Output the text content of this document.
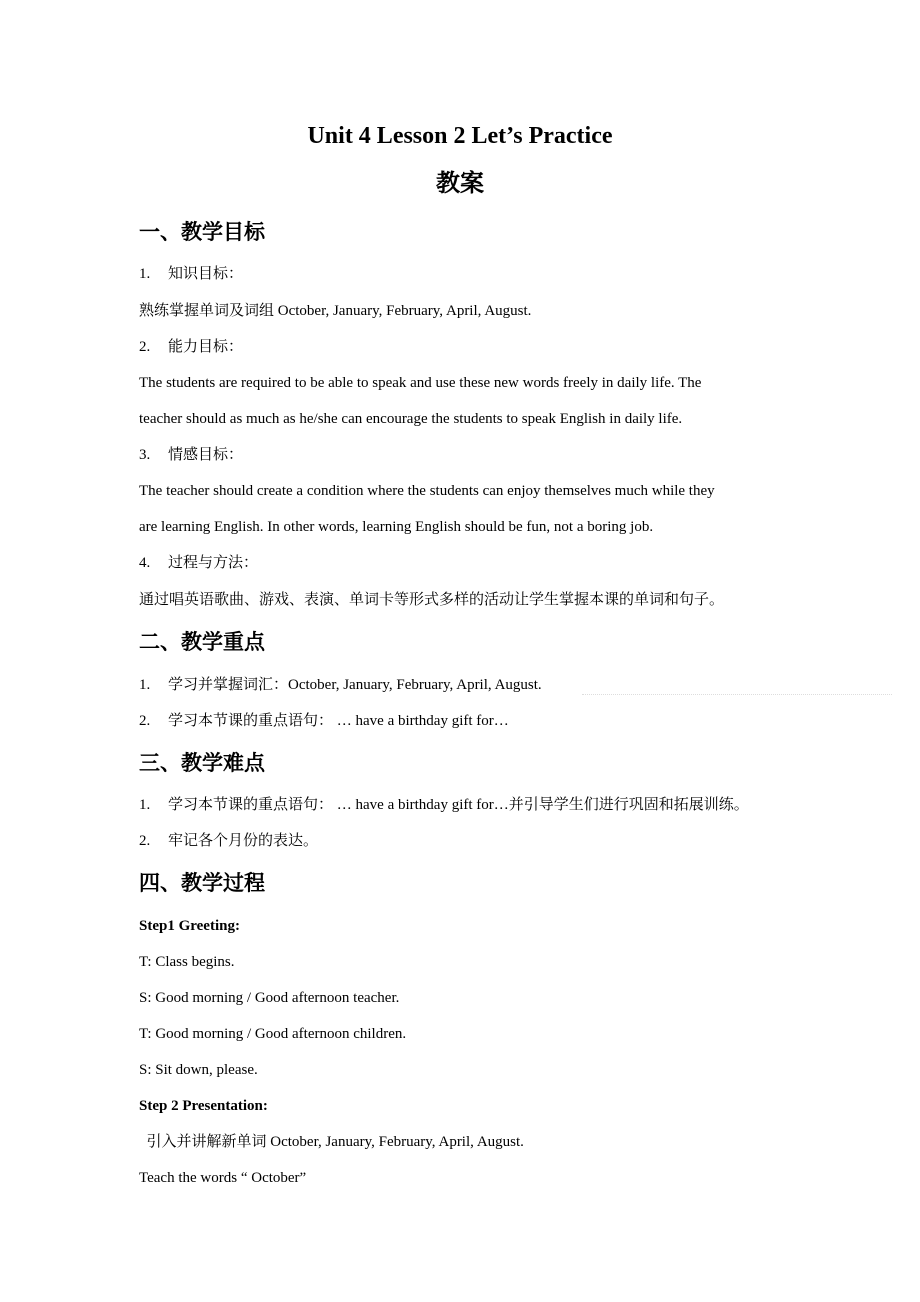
Unit 4 Lesson 2 Let’s Practice
教案
一、教学目标
1. 知识目标：
熟练掌握单词及词组 October, January, February, April, August.
2. 能力目标：
The students are required to be able to speak and use these new words freely in daily life. The
teacher should as much as he/she can encourage the students to speak English in daily life.
3. 情感目标：
The teacher should create a condition where the students can enjoy themselves much while they
are learning English. In other words, learning English should be fun, not a boring job.
4. 过程与方法：
通过唱英语歌曲、游戏、表演、单词卡等形式多样的活动让学生掌握本课的单词和句子。
二、教学重点
1. 学习并掌握词汇：October, January, February, April, August.
2. 学习本节课的重点语句： … have a birthday gift for…
三、教学难点
1. 学习本节课的重点语句： … have a birthday gift for…并引导学生们进行巩固和拓展训练。
2. 牢记各个月份的表达。
四、教学过程
Step1 Greeting:
T: Class begins.
S: Good morning / Good afternoon teacher.
T: Good morning / Good afternoon children.
S: Sit down, please.
Step 2 Presentation:
引入并讲解新单词 October, January, February, April, August.
Teach the words “ October”
